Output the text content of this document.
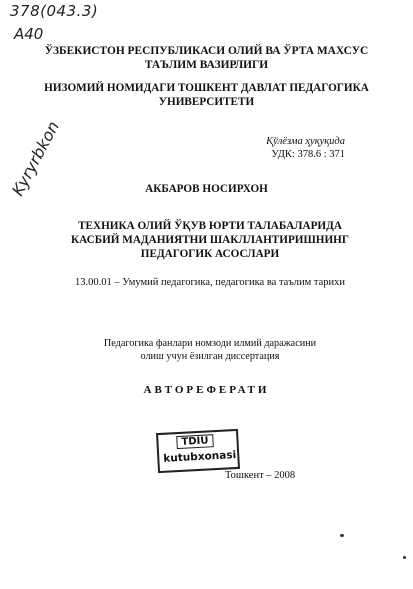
378(043.3)
A40
ЎЗБЕКИСТОН РЕСПУБЛИКАСИ ОЛИЙ ВА ЎРТА МАХСУС
ТАЪЛИМ ВАЗИРЛИГИ
НИЗОМИЙ НОМИДАГИ ТОШКЕНТ ДАВЛАТ ПЕДАГОГИКА
УНИВЕРСИТЕТИ
Қўлёзма ҳуқуқида
УДК: 378.6 : 371
Kyryrbkon	АКБАРОВ НОСИРХОН
ТЕХНИКА ОЛИЙ ЎҚУВ ЮРТИ ТАЛАБАЛАРИДА
КАСБИЙ МАДАНИЯТНИ ШАКЛЛАНТИРИШНИНГ
ПЕДАГОГИК АСОСЛАРИ
13.00.01 – Умумий педагогика, педагогика ва таълим тарихи
Педагогика фанлари номзоди илмий даражасини
олиш учун ёзилган диссертация
АВТОРЕФЕРАТИ
TDIU
kutubxonasi
Тошкент – 2008
